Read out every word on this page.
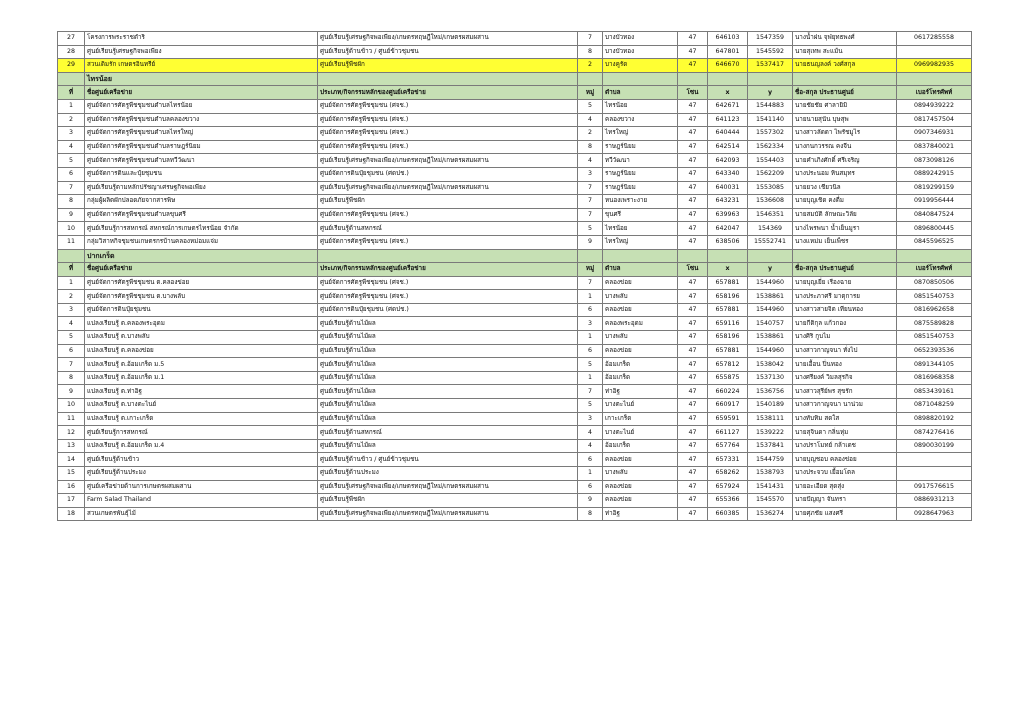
27	โครงการพระราชดำริ	ศูนย์เรียนรู้เศรษฐกิจพอเพียง/เกษตรทฤษฎีใหม่/เกษตรผสมผสาน	7	บางบัวทอง	47	646103	1547359	นางน้ำฝน จุฬยุทธพงศ์	0617285558
28	ศูนย์เรียนรู้เศรษฐกิจพอเพียง	ศูนย์เรียนรู้ด้านข้าว / ศูนย์ข้าวชุมชน	8	บางบัวทอง	47	647801	1545592	นายสุเทพ สะแม้น	
29	สวนเดิมรัก เกษตรอินทรีย์	ศูนย์เรียนรู้พืชผัก	2	บางคูรัด	47	646670	1537417	นายธนญลงค์ วงศ์สกุล	0969982935
	ไทรน้อย								
ที่	ชื่อศูนย์เครือข่าย	ประเภท/กิจกรรมหลักของศูนย์เครือข่าย	หมู่	ตำบล	โซน	x	y	ชื่อ-สกุล ประธานศูนย์	เบอร์โทรศัพท์
1	ศูนย์จัดการศัตรูพืชชุมชนตำบลไทรน้อย	ศูนย์จัดการศัตรูพืชชุมชน (ศจช.)	5	ไทรน้อย	47	642671	1544883	นายชัยชัย ศาลายิมิ	0894939222
2	ศูนย์จัดการศัตรูพืชชุมชนตำบลคลองขวาง	ศูนย์จัดการศัตรูพืชชุมชน (ศจช.)	4	คลองขวาง	47	641123	1541140	นายนายสุนัน บุษสุพ	0817457504
3	ศูนย์จัดการศัตรูพืชชุมชนตำบลไทรใหญ่	ศูนย์จัดการศัตรูพืชชุมชน (ศจช.)	2	ไทรใหญ่	47	640444	1557302	นางสาวลัดดา ไพรัชมูไร	0907346931
4	ศูนย์จัดการศัตรูพืชชุมชนตำบลราษฎร์นิยม	ศูนย์จัดการศัตรูพืชชุมชน (ศจช.)	8	ราษฎร์นิยม	47	642514	1562334	นางกนกวรรณ คงจีน	0837840021
5	ศูนย์จัดการศัตรูพืชชุมชนตำบลทวีวัฒนา	ศูนย์เรียนรู้เศรษฐกิจพอเพียง/เกษตรทฤษฎีใหม่/เกษตรผสมผสาน	4	ทวีวัฒนา	47	642093	1554403	นายคำเภิงศักดิ์ ศรีเจริญ	0873098126
6	ศูนย์จัดการดินและปุ๋ยชุมชน	ศูนย์จัดการดินปุ๋ยชุมชน (ศดปช.)	3	ราษฎร์นิยม	47	643340	1562209	นางประนอม หินสมุทร	0889242915
7	ศูนย์เรียนรู้ตามหลักปรัชญาเศรษฐกิจพอเพียง	ศูนย์เรียนรู้เศรษฐกิจพอเพียง/เกษตรทฤษฎีใหม่/เกษตรผสมผสาน	7	ราษฎร์นิยม	47	640031	1553085	นายยวง เชียวนิล	0819299159
8	กลุ่มผู้ผลิตผักปลอดภัยจากสารพิษ	ศูนย์เรียนรู้พืชผัก	7	หนองเพราะงาย	47	643231	1536608	นายบุญเชิด คงตื่ม	0919956444
9	ศูนย์จัดการศัตรูพืชชุมชนตำบลขุนศรี	ศูนย์จัดการศัตรูพืชชุมชน (ศจช.)	7	ขุนศรี	47	639963	1546351	นายสมบัติ ลักษณะวิลัย	0840847524
10	ศูนย์เรียนรู้การสหกรณ์ สหกรณ์การเกษตรไทรน้อย จำกัด	ศูนย์เรียนรู้ด้านสหกรณ์	5	ไทรน้อย	47	642047	154369	นางไพรพนา น้ำเย็นมูรา	0896800445
11	กลุ่มวิสาหกิจชุมชนเกษตรกรบ้านคลองหม่อมแจ่ม	ศูนย์จัดการศัตรูพืชชุมชน (ศจช.)	9	ไทรใหญ่	47	638506	15552741	นางแหม่ม เย็นเพ็ชร	0845596525
	ปากเกร็ด								
ที่	ชื่อศูนย์เครือข่าย	ประเภท/กิจกรรมหลักของศูนย์เครือข่าย	หมู่	ตำบล	โซน	x	y	ชื่อ-สกุล ประธานศูนย์	เบอร์โทรศัพท์
1	ศูนย์จัดการศัตรูพืชชุมชน ต.คลองข่อย	ศูนย์จัดการศัตรูพืชชุมชน (ศจช.)	7	คลองข่อย	47	657881	1544960	นายบุญเยี่ย เรืองฉาย	0870850506
2	ศูนย์จัดการศัตรูพืชชุมชน ต.บางพลับ	ศูนย์จัดการศัตรูพืชชุมชน (ศจช.)	1	บางพลับ	47	658196	1538861	นางประภาศรี มาตุการย	0851540753
3	ศูนย์จัดการดินปุ๋ยชุมชน	ศูนย์จัดการดินปุ๋ยชุมชน (ศดปช.)	6	คลองข่อย	47	657881	1544960	นางสาวสายจิต เทียนทอง	0816962658
4	แปลงเรียนรู้ ต.คลองพระอุดม	ศูนย์เรียนรู้ด้านไม้ผล	3	คลองพระอุดม	47	659116	1540757	นายกีติกุล แก้วกอง	0875589828
5	แปลงเรียนรู้ ต.บางพลับ	ศูนย์เรียนรู้ด้านไม้ผล	1	บางพลับ	47	658196	1538861	นางศิริ กูบไม	0851540753
6	แปลงเรียนรู้ ต.คลองข่อย	ศูนย์เรียนรู้ด้านไม้ผล	6	คลองข่อย	47	657881	1544960	นางสาวกาญจนา ทั่งไป	0652393536
7	แปลงเรียนรู้ ต.อ้อมเกร็ด ม.5	ศูนย์เรียนรู้ด้านไม้ผล	5	อ้อมเกร็ด	47	657812	1538042	นายเอื้อน ปิ่นทอง	0891344105
8	แปลงเรียนรู้ ต.อ้อมเกร็ด ม.1	ศูนย์เรียนรู้ด้านไม้ผล	1	อ้อมเกร็ด	47	655875	1537130	นางศรียงค์ วิมลสุรกิจ	0816968358
9	แปลงเรียนรู้ ต.ท่าอิฐ	ศูนย์เรียนรู้ด้านไม้ผล	7	ท่าอิฐ	47	660224	1536756	นางสาวสุรีย์พร สุขรัก	0853439161
10	แปลงเรียนรู้ ต.บางตะไนย์	ศูนย์เรียนรู้ด้านไม้ผล	5	บางตะไนย์	47	660917	1540189	นางสาวกาญจนา นาน่วม	0871048259
11	แปลงเรียนรู้ ต.เกาะเกร็ด	ศูนย์เรียนรู้ด้านไม้ผล	3	เกาะเกร็ด	47	659591	1538111	นางทับทิม สดใส	0898820192
12	ศูนย์เรียนรู้การสหกรณ์	ศูนย์เรียนรู้ด้านสหกรณ์	4	บางตะไนย์	47	661127	1539222	นายสุจินดา กลิ่นหุ่ม	0874276416
13	แปลงเรียนรู้ ต.อ้อมเกร็ด ม.4	ศูนย์เรียนรู้ด้านไม้ผล	4	อ้อมเกร็ด	47	657764	1537841	นางปราโมทย์ กล้าเดช	0890030199
14	ศูนย์เรียนรู้ด้านข้าว	ศูนย์เรียนรู้ด้านข้าว / ศูนย์ข้าวชุมชน	6	คลองข่อย	47	657331	1544759	นายบุญชอบ คลองข่อย	
15	ศูนย์เรียนรู้ด้านประมง	ศูนย์เรียนรู้ด้านประมง	1	บางพลับ	47	658262	1538793	นางประจวบ เยื้อมโตล	
16	ศูนย์เครือข่ายด้านการเกษตรผสมผสาน	ศูนย์เรียนรู้เศรษฐกิจพอเพียง/เกษตรทฤษฎีใหม่/เกษตรผสมผสาน	6	คลองข่อย	47	657924	1541431	นายอะเอียด สุดสุ่ง	0917576615
17	Farm Salad Thailand	ศูนย์เรียนรู้พืชผัก	9	คลองข่อย	47	655366	1545570	นายปัญญา จันทรา	0886931213
18	สวนเกษตรพันธุ์ไม้	ศูนย์เรียนรู้เศรษฐกิจพอเพียง/เกษตรทฤษฎีใหม่/เกษตรผสมผสาน	8	ท่าอิฐ	47	660385	1536274	นายศุภชัย แสงศรี	0928647963
